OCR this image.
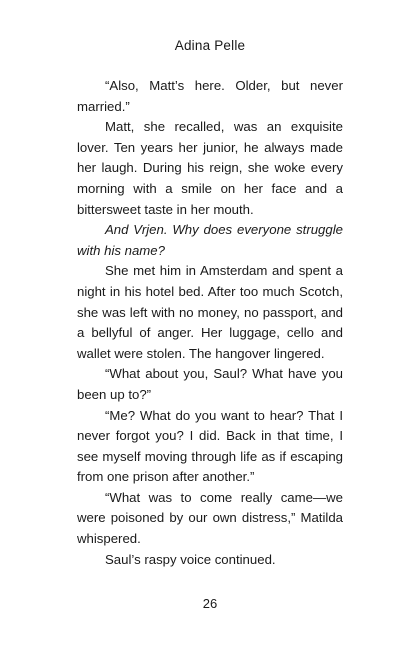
Adina Pelle

“Also, Matt’s here. Older, but never married.”

Matt, she recalled, was an exquisite lover. Ten years her junior, he always made her laugh. During his reign, she woke every morning with a smile on her face and a bittersweet taste in her mouth.

And Vrjen. Why does everyone struggle with his name?

She met him in Amsterdam and spent a night in his hotel bed. After too much Scotch, she was left with no money, no passport, and a bellyful of anger. Her luggage, cello and wallet were stolen. The hangover lingered.

“What about you, Saul? What have you been up to?”

“Me? What do you want to hear? That I never forgot you? I did. Back in that time, I see myself moving through life as if escaping from one prison after another.”

“What was to come really came—we were poisoned by our own distress,” Matilda whispered.

Saul’s raspy voice continued.

26
